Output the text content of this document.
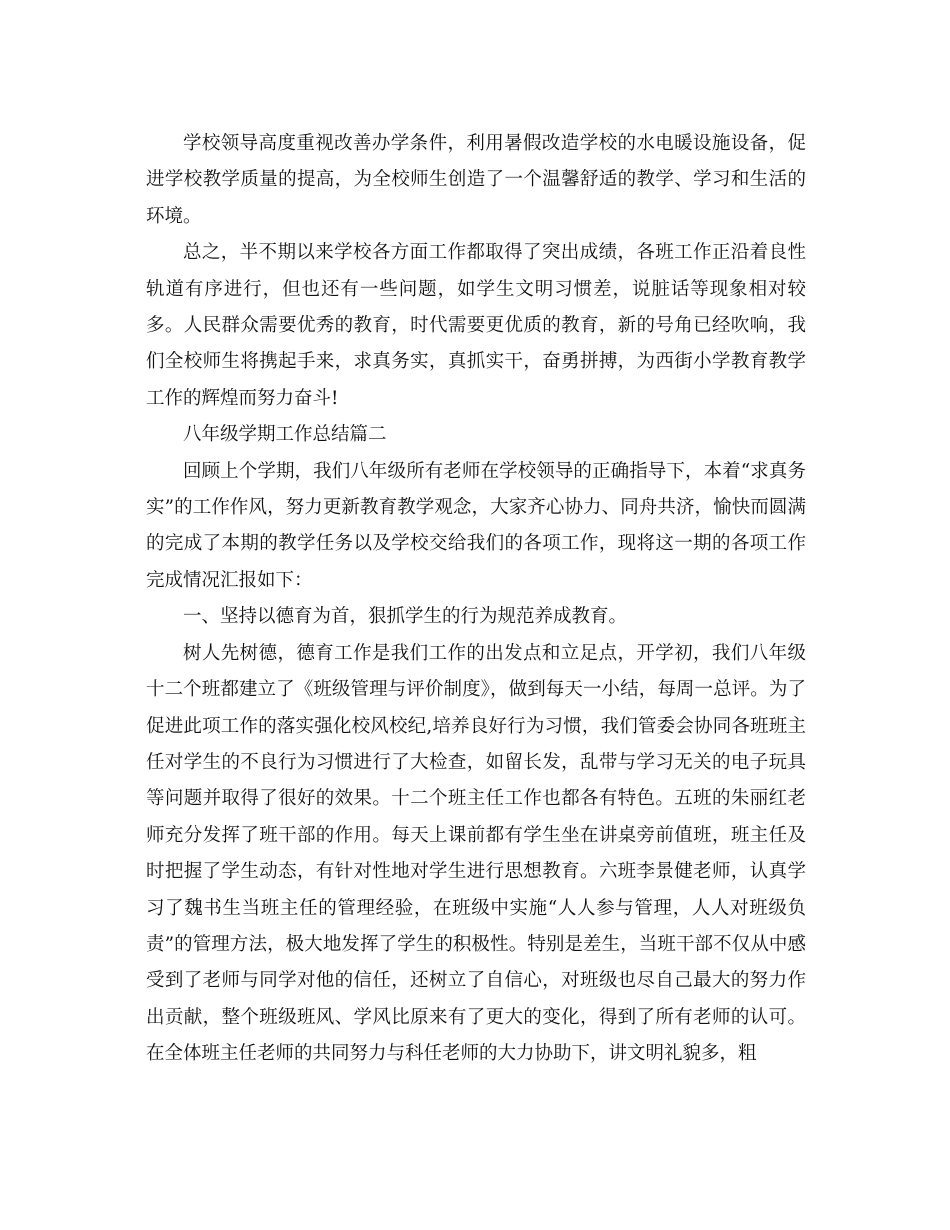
学校领导高度重视改善办学条件，利用暑假改造学校的水电暖设施设备，促进学校教学质量的提高，为全校师生创造了一个温馨舒适的教学、学习和生活的环境。

总之，半不期以来学校各方面工作都取得了突出成绩，各班工作正沿着良性轨道有序进行，但也还有一些问题，如学生文明习惯差，说脏话等现象相对较多。人民群众需要优秀的教育，时代需要更优质的教育，新的号角已经吹响，我们全校师生将携起手来，求真务实，真抓实干，奋勇拼搏，为西街小学教育教学工作的辉煌而努力奋斗!

八年级学期工作总结篇二

回顾上个学期，我们八年级所有老师在学校领导的正确指导下，本着“求真务实”的工作作风，努力更新教育教学观念，大家齐心协力、同舟共济，愉快而圆满的完成了本期的教学任务以及学校交给我们的各项工作，现将这一期的各项工作完成情况汇报如下：

一、坚持以德育为首，狠抓学生的行为规范养成教育。

树人先树德，德育工作是我们工作的出发点和立足点，开学初，我们八年级十二个班都建立了《班级管理与评价制度》，做到每天一小结，每周一总评。为了促进此项工作的落实强化校风校纪,培养良好行为习惯，我们管委会协同各班班主任对学生的不良行为习惯进行了大检查，如留长发，乱带与学习无关的电子玩具等问题并取得了很好的效果。十二个班主任工作也都各有特色。五班的朱丽红老师充分发挥了班干部的作用。每天上课前都有学生坐在讲桌旁前值班，班主任及时把握了学生动态，有针对性地对学生进行思想教育。六班李景健老师，认真学习了魏书生当班主任的管理经验，在班级中实施“人人参与管理，人人对班级负责”的管理方法，极大地发挥了学生的积极性。特别是差生，当班干部不仅从中感受到了老师与同学对他的信任，还树立了自信心，对班级也尽自己最大的努力作出贡献，整个班级班风、学风比原来有了更大的变化，得到了所有老师的认可。在全体班主任老师的共同努力与科任老师的大力协助下，讲文明礼貌多，粗
